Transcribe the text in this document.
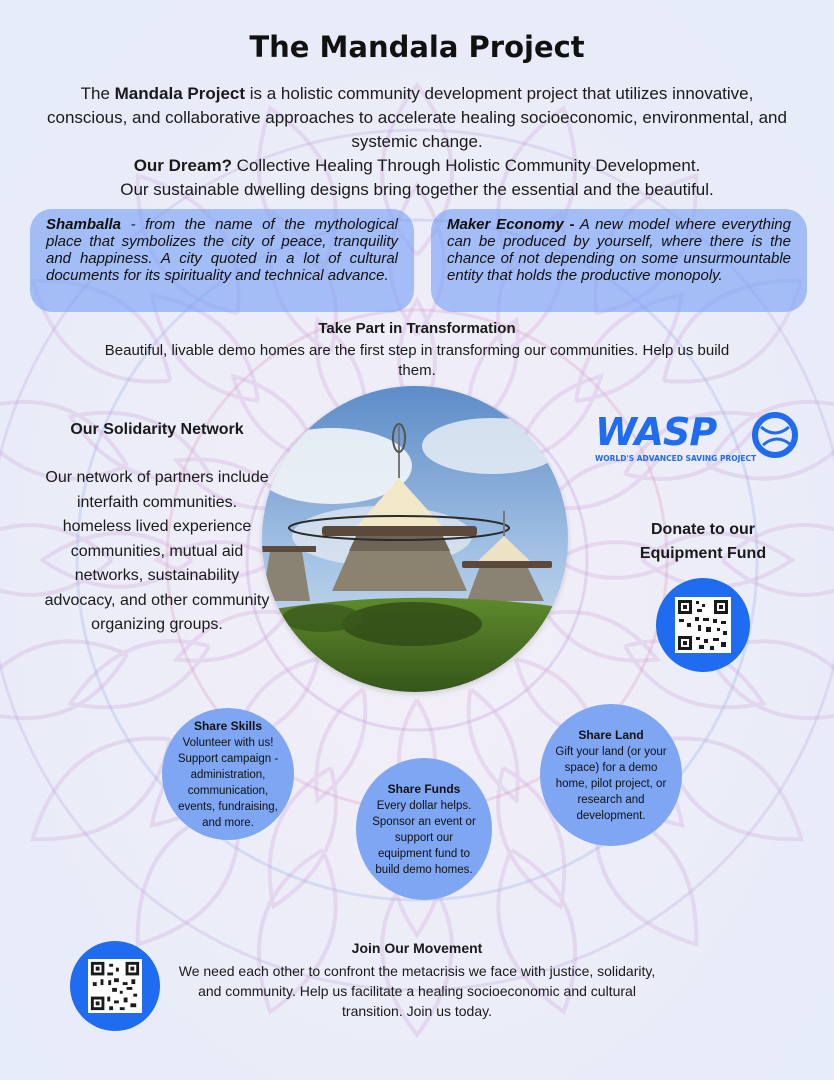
The Mandala Project

The Mandala Project is a holistic community development project that utilizes innovative, conscious, and collaborative approaches to accelerate healing socioeconomic, environmental, and systemic change.

Our Dream? Collective Healing Through Holistic Community Development.

Our sustainable dwelling designs bring together the essential and the beautiful.

Shamballa - from the name of the mythological place that symbolizes the city of peace, tranquility and happiness. A city quoted in a lot of cultural documents for its spirituality and technical advance.
Maker Economy - A new model where everything can be produced by yourself, where there is the chance of not depending on some unsurmountable entity that holds the productive monopoly.
Take Part in Transformation
Beautiful, livable demo homes are the first step in transforming our communities. Help us build them.
Our Solidarity Network
Our network of partners include interfaith communities. homeless lived experience communities, mutual aid networks, sustainability advocacy, and other community organizing groups.
WASP
WORLD'S ADVANCED SAVING PROJECT
Donate to our Equipment Fund
Share Skills
Volunteer with us! Support campaign - administration, communication, events, fundraising, and more.
Share Funds
Every dollar helps. Sponsor an event or support our equipment fund to build demo homes.
Share Land
Gift your land (or your space) for a demo home, pilot project, or research and development.
Join Our Movement
We need each other to confront the metacrisis we face with justice, solidarity, and community. Help us facilitate a healing socioeconomic and cultural transition. Join us today.
